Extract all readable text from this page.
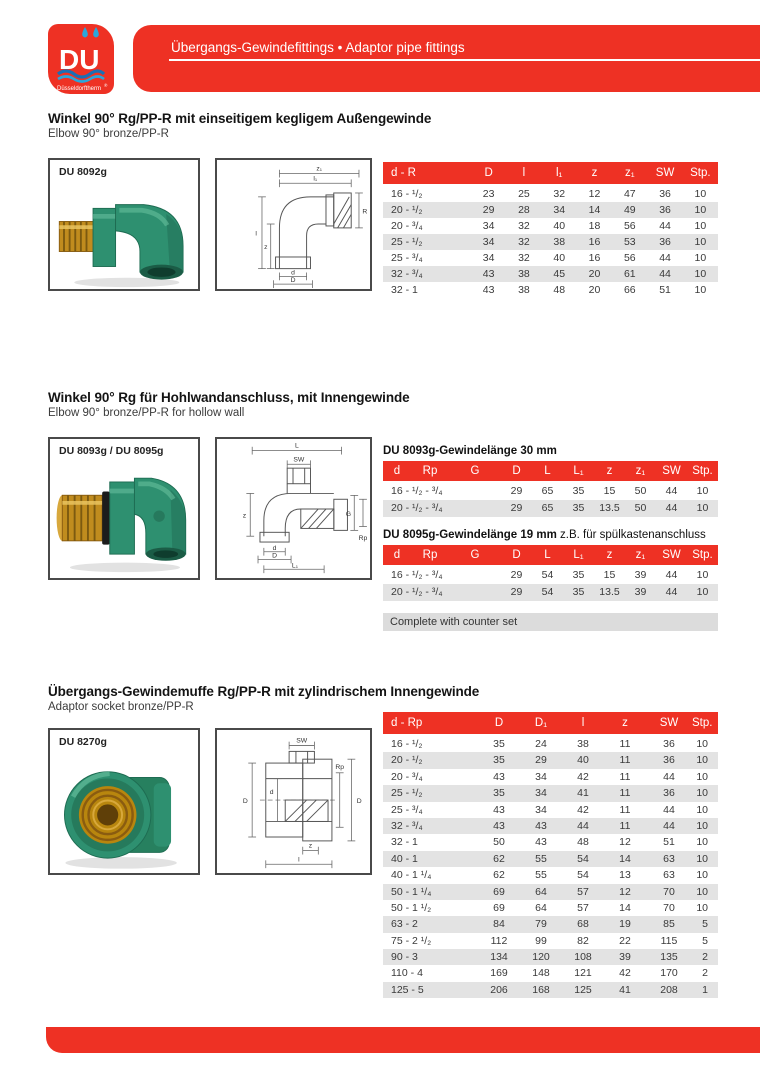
DU
Düsseldorftherm
®
Übergangs-Gewindefittings • Adaptor pipe fittings
Winkel 90° Rg/PP-R mit einseitigem kegligem Außengewinde
Elbow 90° bronze/PP-R
DU 8092g	z₁
l₁
l
z
d
D
R
d - R	D	l	l₁	z	z₁	SW	Stp.
16 - ¹/₂	23	25	32	12	47	36	10
20 - ¹/₂	29	28	34	14	49	36	10
20 - ³/₄	34	32	40	18	56	44	10
25 - ¹/₂	34	32	38	16	53	36	10
25 - ³/₄	34	32	40	16	56	44	10
32 - ³/₄	43	38	45	20	61	44	10
32 - 1	43	38	48	20	66	51	10
Winkel 90° Rg für Hohlwandanschluss, mit Innengewinde
Elbow 90° bronze/PP-R for hollow wall
DU 8093g / DU 8095g	L
SW
z	G
Rp
d
D
L₁
DU 8093g-Gewindelänge 30 mm
d	Rp	G	D	L	L₁	z	z₁	SW	Stp.
16 - ¹/₂ - ³/₄	29	65	35	15	50	44	10
20 - ¹/₂ - ³/₄	29	65	35	13.5	50	44	10
DU 8095g-Gewindelänge 19 mm z.B. für spülkastenanschluss
d	Rp	G	D	L	L₁	z	z₁	SW	Stp.
16 - ¹/₂ - ³/₄	29	54	35	15	39	44	10
20 - ¹/₂ - ³/₄	29	54	35	13.5	39	44	10
Complete with counter set
Übergangs-Gewindemuffe Rg/PP-R mit zylindrischem Innengewinde
Adaptor socket bronze/PP-R
DU 8270g	SW
D
d
Rp
D
z
l
d - Rp	D	D₁	l	z	SW	Stp.
16 - ¹/₂	35	24	38	11	36	10
20 - ¹/₂	35	29	40	11	36	10
20 - ³/₄	43	34	42	11	44	10
25 - ¹/₂	35	34	41	11	36	10
25 - ³/₄	43	34	42	11	44	10
32 - ³/₄	43	43	44	11	44	10
32 - 1	50	43	48	12	51	10
40 - 1	62	55	54	14	63	10
40 - 1 ¹/₄	62	55	54	13	63	10
50 - 1 ¹/₄	69	64	57	12	70	10
50 - 1 ¹/₂	69	64	57	14	70	10
63 - 2	84	79	68	19	85	5
75 - 2 ¹/₂	112	99	82	22	115	5
90 - 3	134	120	108	39	135	2
110 - 4	169	148	121	42	170	2
125 - 5	206	168	125	41	208	1
